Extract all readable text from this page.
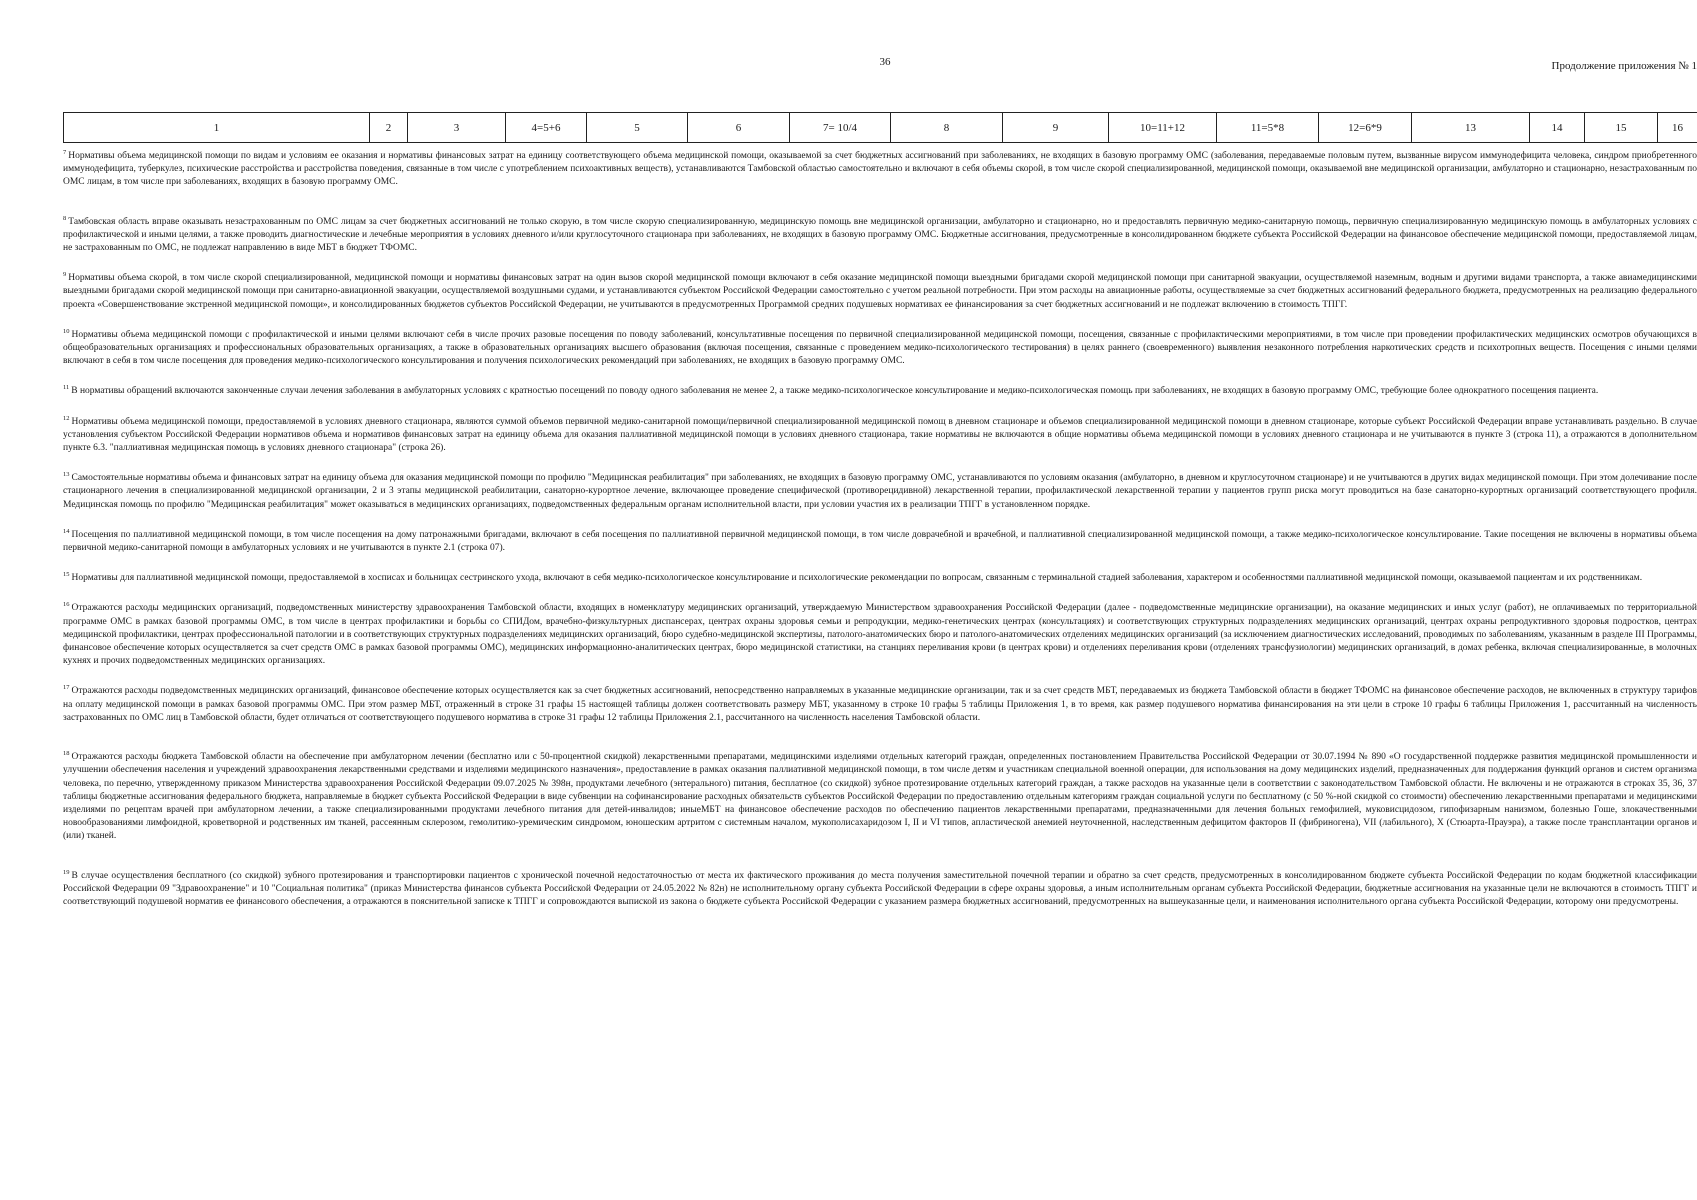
36	Продолжение приложения № 1
1	2	3	4=5+6	5	6	7= 10/4	8	9	10=11+12	11=5*8	12=6*9	13	14	15	16

$^7$ Нормативы объема медицинской помощи по видам и условиям ее оказания и нормативы финансовых затрат на единицу соответствующего объема медицинской помощи, оказываемой за счет бюджетных ассигнований при заболеваниях, не входящих в базовую программу ОМС (заболевания, передаваемые половым путем, вызванные вирусом иммунодефицита человека, синдром приобретенного иммунодефицита, туберкулез, психические расстройства и расстройства поведения, связанные в том числе с употреблением психоактивных веществ), устанавливаются Тамбовской областью самостоятельно и включают в себя объемы скорой, в том числе скорой специализированной, медицинской помощи, оказываемой вне медицинской организации, амбулаторно и стационарно, незастрахованным по ОМС лицам, в том числе при заболеваниях, входящих в базовую программу ОМС.

$^8$ Тамбовская область вправе оказывать незастрахованным по ОМС лицам за счет бюджетных ассигнований не только скорую, в том числе скорую специализированную, медицинскую помощь вне медицинской организации, амбулаторно и стационарно, но и предоставлять первичную медико-санитарную помощь, первичную специализированную медицинскую помощь в амбулаторных условиях с профилактической и иными целями, а также проводить диагностические и лечебные мероприятия в условиях дневного и/или круглосуточного стационара при заболеваниях, не входящих в базовую программу ОМС. Бюджетные ассигнования, предусмотренные в консолидированном бюджете субъекта Российской Федерации на финансовое обеспечение медицинской помощи, предоставляемой лицам, не застрахованным по ОМС, не подлежат направлению в виде МБТ в бюджет ТФОМС.

$^9$ Нормативы объема скорой, в том числе скорой специализированной, медицинской помощи и нормативы финансовых затрат на один вызов скорой медицинской помощи включают в себя оказание медицинской помощи выездными бригадами скорой медицинской помощи при санитарной эвакуации, осуществляемой наземным, водным и другими видами транспорта, а также авиамедицинскими выездными бригадами скорой медицинской помощи при санитарно-авиационной эвакуации, осуществляемой воздушными судами, и устанавливаются субъектом Российской Федерации самостоятельно с учетом реальной потребности. При этом расходы на авиационные работы, осуществляемые за счет бюджетных ассигнований федерального бюджета, предусмотренных на реализацию федерального проекта «Совершенствование экстренной медицинской помощи», и консолидированных бюджетов субъектов Российской Федерации, не учитываются в предусмотренных Программой средних подушевых нормативах ее финансирования за счет бюджетных ассигнований и не подлежат включению в стоимость ТПГГ.

$^{10}$ Нормативы объема медицинской помощи с профилактической и иными целями включают себя в числе прочих разовые посещения по поводу заболеваний, консультативные посещения по первичной специализированной медицинской помощи, посещения, связанные с профилактическими мероприятиями, в том числе при проведении профилактических медицинских осмотров обучающихся в общеобразовательных организациях и профессиональных образовательных организациях, а также в образовательных организациях высшего образования (включая посещения, связанные с проведением медико-психологического тестирования) в целях раннего (своевременного) выявления незаконного потребления наркотических средств и психотропных веществ. Посещения с иными целями включают в себя в том числе посещения для проведения медико-психологического консультирования и получения психологических рекомендаций при заболеваниях, не входящих в базовую программу ОМС.

$^{11}$ В нормативы обращений включаются законченные случаи лечения заболевания в амбулаторных условиях с кратностью посещений по поводу одного заболевания не менее 2, а также медико-психологическое консультирование и медико-психологическая помощь при заболеваниях, не входящих в базовую программу ОМС, требующие более однократного посещения пациента.

$^{12}$ Нормативы объема медицинской помощи, предоставляемой в условиях дневного стационара, являются суммой объемов первичной медико-санитарной помощи/первичной специализированной медицинской помощ в дневном стационаре и объемов специализированной медицинской помощи в дневном стационаре, которые субъект Российской Федерации вправе устанавливать раздельно. В случае установления субъектом Российской Федерации нормативов объема и нормативов финансовых затрат на единицу объема для оказания паллиативной медицинской помощи в условиях дневного стационара, такие нормативы не включаются в общие нормативы объема медицинской помощи в условиях дневного стационара и не учитываются в пункте 3 (строка 11), а отражаются в дополнительном пункте 6.3. "паллиативная медицинская помощь в условиях дневного стационара" (строка 26).

$^{13}$ Самостоятельные нормативы объема и финансовых затрат на единицу объема для оказания медицинской помощи по профилю "Медицинская реабилитация" при заболеваниях, не входящих в базовую программу ОМС, устанавливаются по условиям оказания (амбулаторно, в дневном и круглосуточном стационаре) и не учитываются в других видах медицинской помощи. При этом долечивание после стационарного лечения в специализированной медицинской организации, 2 и 3 этапы медицинской реабилитации, санаторно-курортное лечение, включающее проведение специфической (противорецидивной) лекарственной терапии, профилактической лекарственной терапии у пациентов групп риска могут проводиться на базе санаторно-курортных организаций соответствующего профиля. Медицинская помощь по профилю "Медицинская реабилитация" может оказываться в медицинских организациях, подведомственных федеральным органам исполнительной власти, при условии участия их в реализации ТПГГ в установленном порядке.

$^{14}$ Посещения по паллиативной медицинской помощи, в том числе посещения на дому патронажными бригадами, включают в себя посещения по паллиативной первичной медицинской помощи, в том числе доврачебной и врачебной, и паллиативной специализированной медицинской помощи, а также медико-психологическое консультирование. Такие посещения не включены в нормативы объема первичной медико-санитарной помощи в амбулаторных условиях и не учитываются в пункте 2.1 (строка 07).

$^{15}$ Нормативы для паллиативной медицинской помощи, предоставляемой в хосписах и больницах сестринского ухода, включают в себя медико-психологическое консультирование и психологические рекомендации по вопросам, связанным с терминальной стадией заболевания, характером и особенностями паллиативной медицинской помощи, оказываемой пациентам и их родственникам.

$^{16}$ Отражаются расходы медицинских организаций, подведомственных министерству здравоохранения Тамбовской области, входящих в номенклатуру медицинских организаций, утверждаемую Министерством здравоохранения Российской Федерации (далее - подведомственные медицинские организации), на оказание медицинских и иных услуг (работ), не оплачиваемых по территориальной программе ОМС в рамках базовой программы ОМС, в том числе в центрах профилактики и борьбы со СПИДом, врачебно-физкультурных диспансерах, центрах охраны здоровья семьи и репродукции, медико-генетических центрах (консультациях) и соответствующих структурных подразделениях медицинских организаций, центрах охраны репродуктивного здоровья подростков, центрах медицинской профилактики, центрах профессиональной патологии и в соответствующих структурных подразделениях медицинских организаций, бюро судебно-медицинской экспертизы, патолого-анатомических бюро и патолого-анатомических отделениях медицинских организаций (за исключением диагностических исследований, проводимых по заболеваниям, указанным в разделе III Программы, финансовое обеспечение которых осуществляется за счет средств ОМС в рамках базовой программы ОМС), медицинских информационно-аналитических центрах, бюро медицинской статистики, на станциях переливания крови (в центрах крови) и отделениях переливания крови (отделениях трансфузиологии) медицинских организаций, в домах ребенка, включая специализированные, в молочных кухнях и прочих подведомственных медицинских организациях.

$^{17}$ Отражаются расходы подведомственных медицинских организаций, финансовое обеспечение которых осуществляется как за счет бюджетных ассигнований, непосредственно направляемых в указанные медицинские организации, так и за счет средств МБТ, передаваемых из бюджета Тамбовской области в бюджет ТФОМС на финансовое обеспечение расходов, не включенных в структуру тарифов на оплату медицинской помощи в рамках базовой программы ОМС. При этом размер МБТ, отраженный в строке 31 графы 15 настоящей таблицы должен соответствовать размеру МБТ, указанному в строке 10 графы 5 таблицы Приложения 1, в то время, как размер подушевого норматива финансирования на эти цели в строке 10 графы 6 таблицы Приложения 1, рассчитанный на численность застрахованных по ОМС лиц в Тамбовской области, будет отличаться от соответствующего подушевого норматива в строке 31 графы 12 таблицы Приложения 2.1, рассчитанного на численность населения Тамбовской области.

$^{18}$ Отражаются расходы бюджета Тамбовской области на обеспечение при амбулаторном лечении (бесплатно или с 50-процентной скидкой) лекарственными препаратами, медицинскими изделиями отдельных категорий граждан, определенных постановлением Правительства Российской Федерации от 30.07.1994 № 890 «О государственной поддержке развития медицинской промышленности и улучшении обеспечения населения и учреждений здравоохранения лекарственными средствами и изделиями медицинского назначения», предоставление в рамках оказания паллиативной медицинской помощи, в том числе детям и участникам специальной военной операции, для использования на дому медицинских изделий, предназначенных для поддержания функций органов и систем организма человека, по перечню, утвержденному приказом Министерства здравоохранения Российской Федерации 09.07.2025 № 398н, продуктами лечебного (энтерального) питания, бесплатное (со скидкой) зубное протезирование отдельных категорий граждан, а также расходов на указанные цели в соответствии с законодательством Тамбовской области. Не включены и не отражаются в строках 35, 36, 37 таблицы бюджетные ассигнования федерального бюджета, направляемые в бюджет субъекта Российской Федерации в виде субвенции на софинансирование расходных обязательств субъектов Российской Федерации по предоставлению отдельным категориям граждан социальной услуги по бесплатному (с 50 %-ной скидкой со стоимости) обеспечению лекарственными препаратами и медицинскими изделиями по рецептам врачей при амбулаторном лечении, а также специализированными продуктами лечебного питания для детей-инвалидов; иныеМБТ на финансовое обеспечение расходов по обеспечению пациентов лекарственными препаратами, предназначенными для лечения больных гемофилией, муковисцидозом, гипофизарным нанизмом, болезнью Гоше, злокачественными новообразованиями лимфоидной, кроветворной и родственных им тканей, рассеянным склерозом, гемолитико-уремическим синдромом, юношеским артритом с системным началом, мукополисахаридозом I, II и VI типов, апластической анемией неуточненной, наследственным дефицитом факторов II (фибриногена), VII (лабильного), X (Стюарта-Прауэра), а также после трансплантации органов и (или) тканей.

$^{19}$ В случае осуществления бесплатного (со скидкой) зубного протезирования и транспортировки пациентов с хронической почечной недостаточностью от места их фактического проживания до места получения заместительной почечной терапии и обратно за счет средств, предусмотренных в консолидированном бюджете субъекта Российской Федерации по кодам бюджетной классификации Российской Федерации 09 "Здравоохранение" и 10 "Социальная политика" (приказ Министерства финансов субъекта Российской Федерации от 24.05.2022 № 82н) не исполнительному органу субъекта Российской Федерации в сфере охраны здоровья, а иным исполнительным органам субъекта Российской Федерации, бюджетные ассигнования на указанные цели не включаются в стоимость ТПГГ и соответствующий подушевой норматив ее финансового обеспечения, а отражаются в пояснительной записке к ТПГГ и сопровождаются выпиской из закона о бюджете субъекта Российской Федерации с указанием размера бюджетных ассигнований, предусмотренных на вышеуказанные цели, и наименования исполнительного органа субъекта Российской Федерации, которому они предусмотрены.
